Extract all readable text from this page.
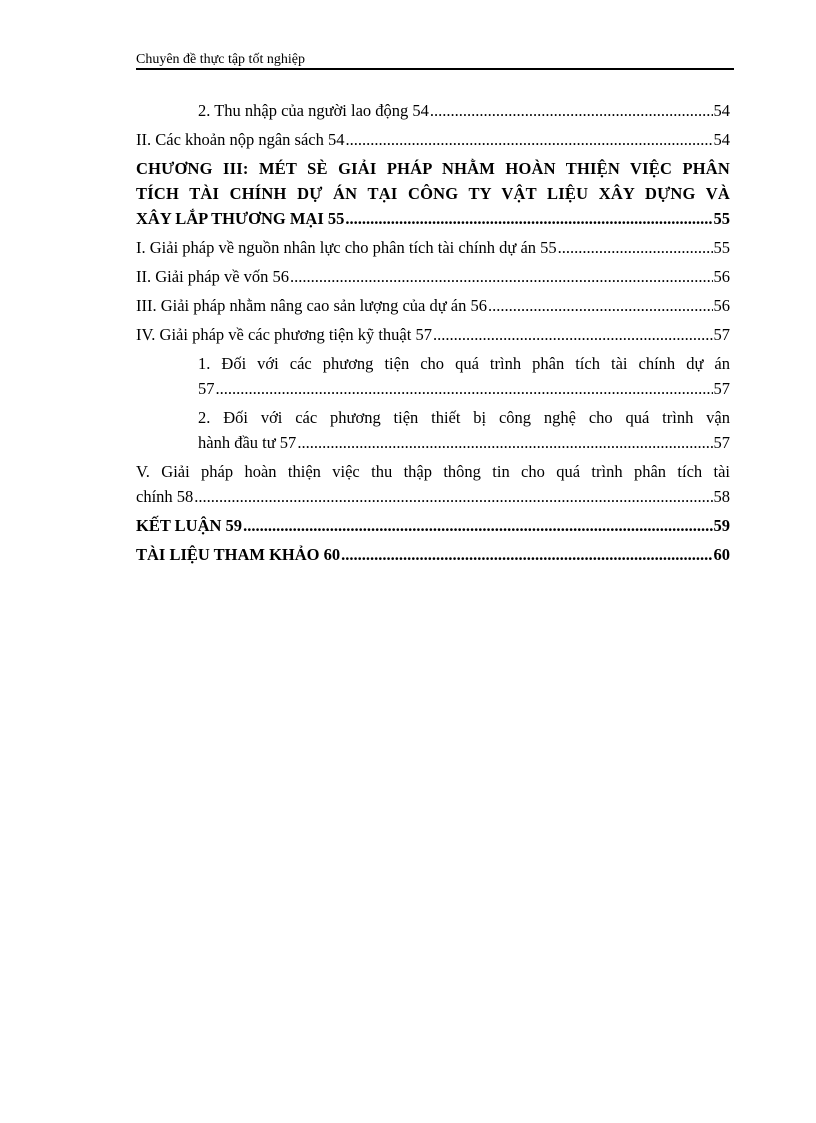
Chuyên đề thực tập tốt nghiệp
2. Thu nhập của người lao động 54 .....	54
II. Các khoản nộp ngân sách 54 .....	54
CHƯƠNG III: MÉT SÈ GIẢI PHÁP NHẰM HOÀN THIỆN VIỆC PHÂN
TÍCH TÀI CHÍNH DỰ ÁN TẠI CÔNG TY VẬT LIỆU XÂY DỰNG VÀ
XÂY LẮP THƯƠNG MẠI 55 .....	55
I. Giải pháp về nguồn nhân lực cho phân tích tài chính dự án 55 .....	55
II. Giải pháp về vốn 56 .....	56
III. Giải pháp nhằm nâng cao sản lượng của dự án 56 .....	56
IV. Giải pháp về các phương tiện kỹ thuật 57 .....	57
1. Đối với các phương tiện cho quá trình phân tích tài chính dự án
57 .....	57
2. Đối với các phương tiện thiết bị công nghệ cho quá trình vận
hành đầu tư 57 .....	57
V. Giải pháp hoàn thiện việc thu thập thông tin cho quá trình phân tích tài
chính 58 .....	58
KẾT LUẬN 59 .....	59
TÀI LIỆU THAM KHẢO 60 .....	60
